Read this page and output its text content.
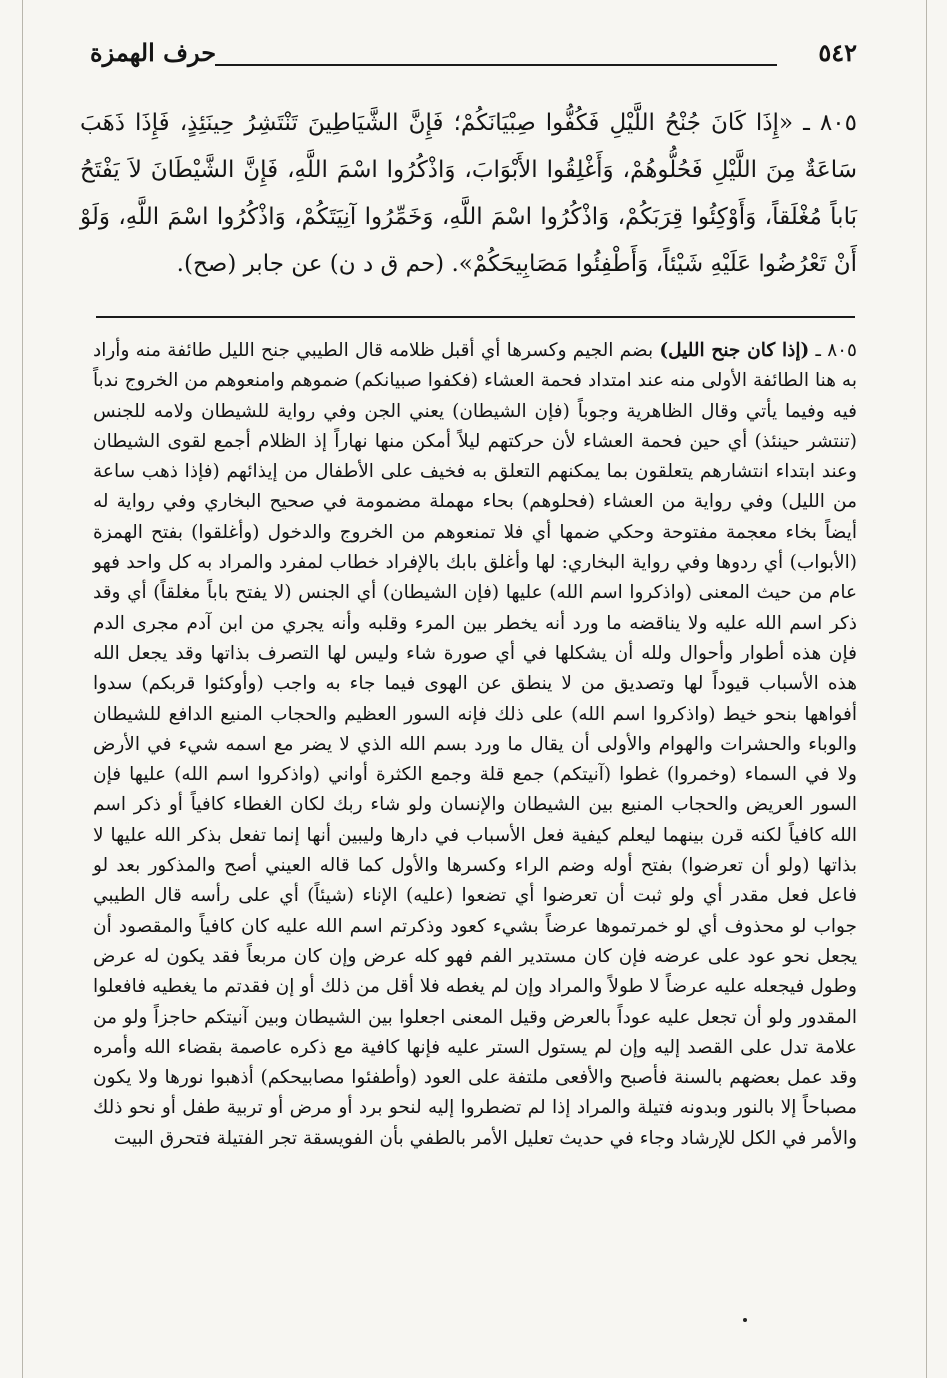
٥٤٢
حرف الهمزة
٨٠٥ ـ «إِذَا كَانَ جُنْحُ اللَّيْلِ فَكُفُّوا صِبْيَانَكُمْ؛ فَإِنَّ الشَّيَاطِينَ تَنْتَشِرُ حِينَئِذٍ، فَإِذَا ذَهَبَ سَاعَةٌ مِنَ اللَّيْلِ فَحُلُّوهُمْ، وَأَغْلِقُوا الأَبْوَابَ، وَاذْكُرُوا اسْمَ اللَّهِ، فَإِنَّ الشَّيْطَانَ لاَ يَفْتَحُ بَاباً مُغْلَقاً، وَأَوْكِئُوا قِرَبَكُمْ، وَاذْكُرُوا اسْمَ اللَّهِ، وَخَمِّرُوا آنِيَتَكُمْ، وَاذْكُرُوا اسْمَ اللَّهِ، وَلَوْ أَنْ تَعْرُضُوا عَلَيْهِ شَيْئاً، وَأَطْفِئُوا مَصَابِيحَكُمْ». (حم ق د ن) عن جابر (صح).
٨٠٥ ـ (إذا كان جنح الليل) بضم الجيم وكسرها أي أقبل ظلامه قال الطيبي جنح الليل طائفة منه وأراد به هنا الطائفة الأولى منه عند امتداد فحمة العشاء (فكفوا صبيانكم) ضموهم وامنعوهم من الخروج ندباً فيه وفيما يأتي وقال الظاهرية وجوباً (فإن الشيطان) يعني الجن وفي رواية للشيطان ولامه للجنس (تنتشر حينئذ) أي حين فحمة العشاء لأن حركتهم ليلاً أمكن منها نهاراً إذ الظلام أجمع لقوى الشيطان وعند ابتداء انتشارهم يتعلقون بما يمكنهم التعلق به فخيف على الأطفال من إيذائهم (فإذا ذهب ساعة من الليل) وفي رواية من العشاء (فحلوهم) بحاء مهملة مضمومة في صحيح البخاري وفي رواية له أيضاً بخاء معجمة مفتوحة وحكي ضمها أي فلا تمنعوهم من الخروج والدخول (وأغلقوا) بفتح الهمزة (الأبواب) أي ردوها وفي رواية البخاري: لها وأغلق بابك بالإفراد خطاب لمفرد والمراد به كل واحد فهو عام من حيث المعنى (واذكروا اسم الله) عليها (فإن الشيطان) أي الجنس (لا يفتح باباً مغلقاً) أي وقد ذكر اسم الله عليه ولا يناقضه ما ورد أنه يخطر بين المرء وقلبه وأنه يجري من ابن آدم مجرى الدم فإن هذه أطوار وأحوال ولله أن يشكلها في أي صورة شاء وليس لها التصرف بذاتها وقد يجعل الله هذه الأسباب قيوداً لها وتصديق من لا ينطق عن الهوى فيما جاء به واجب (وأوكئوا قربكم) سدوا أفواهها بنحو خيط (واذكروا اسم الله) على ذلك فإنه السور العظيم والحجاب المنيع الدافع للشيطان والوباء والحشرات والهوام والأولى أن يقال ما ورد بسم الله الذي لا يضر مع اسمه شيء في الأرض ولا في السماء (وخمروا) غطوا (آنيتكم) جمع قلة وجمع الكثرة أواني (واذكروا اسم الله) عليها فإن السور العريض والحجاب المنيع بين الشيطان والإنسان ولو شاء ربك لكان الغطاء كافياً أو ذكر اسم الله كافياً لكنه قرن بينهما ليعلم كيفية فعل الأسباب في دارها وليبين أنها إنما تفعل بذكر الله عليها لا بذاتها (ولو أن تعرضوا) بفتح أوله وضم الراء وكسرها والأول كما قاله العيني أصح والمذكور بعد لو فاعل فعل مقدر أي ولو ثبت أن تعرضوا أي تضعوا (عليه) الإناء (شيئاً) أي على رأسه قال الطيبي جواب لو محذوف أي لو خمرتموها عرضاً بشيء كعود وذكرتم اسم الله عليه كان كافياً والمقصود أن يجعل نحو عود على عرضه فإن كان مستدير الفم فهو كله عرض وإن كان مربعاً فقد يكون له عرض وطول فيجعله عليه عرضاً لا طولاً والمراد وإن لم يغطه فلا أقل من ذلك أو إن فقدتم ما يغطيه فافعلوا المقدور ولو أن تجعل عليه عوداً بالعرض وقيل المعنى اجعلوا بين الشيطان وبين آنيتكم حاجزاً ولو من علامة تدل على القصد إليه وإن لم يستول الستر عليه فإنها كافية مع ذكره عاصمة بقضاء الله وأمره وقد عمل بعضهم بالسنة فأصبح والأفعى ملتفة على العود (وأطفئوا مصابيحكم) أذهبوا نورها ولا يكون مصباحاً إلا بالنور وبدونه فتيلة والمراد إذا لم تضطروا إليه لنحو برد أو مرض أو تربية طفل أو نحو ذلك والأمر في الكل للإرشاد وجاء في حديث تعليل الأمر بالطفي بأن الفويسقة تجر الفتيلة فتحرق البيت
